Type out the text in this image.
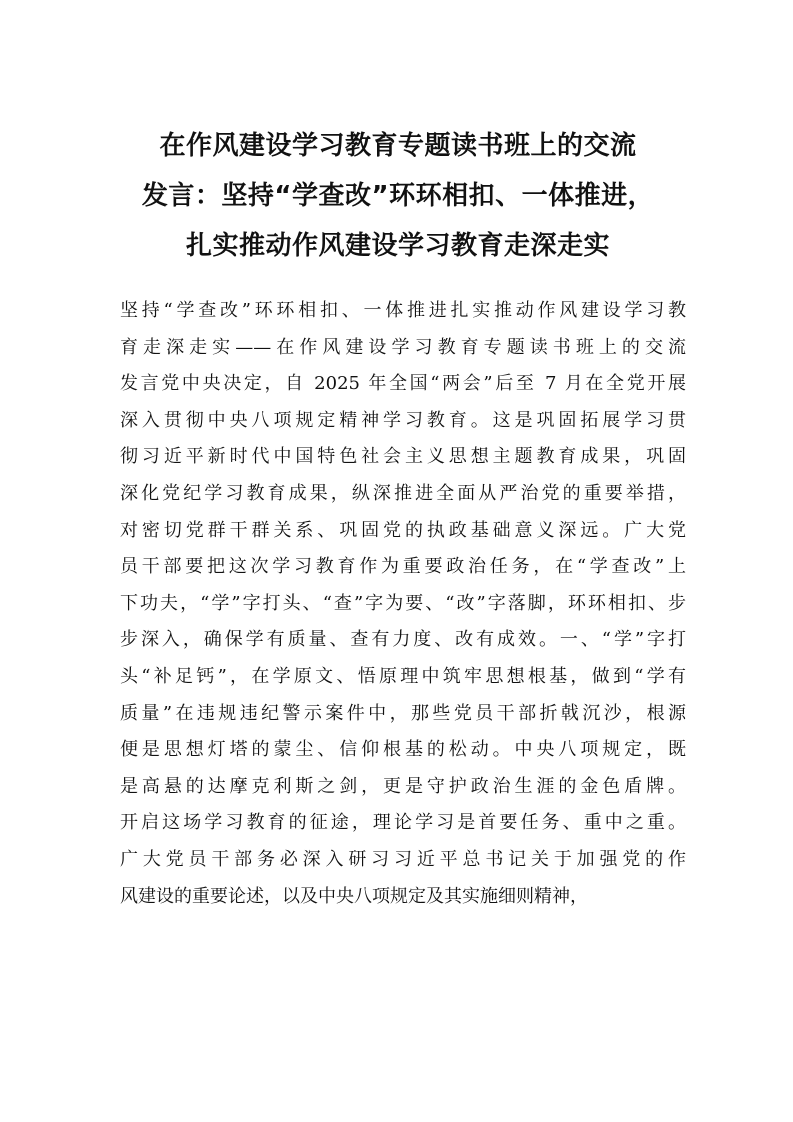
在作风建设学习教育专题读书班上的交流
发言：坚持“学查改”环环相扣、一体推进，
扎实推动作风建设学习教育走深走实
坚持“学查改”环环相扣、一体推进扎实推动作风建设学习教
育走深走实——在作风建设学习教育专题读书班上的交流
发言党中央决定，自 2025 年全国“两会”后至 7 月在全党开展
深入贯彻中央八项规定精神学习教育。这是巩固拓展学习贯
彻习近平新时代中国特色社会主义思想主题教育成果，巩固
深化党纪学习教育成果，纵深推进全面从严治党的重要举措，
对密切党群干群关系、巩固党的执政基础意义深远。广大党
员干部要把这次学习教育作为重要政治任务，在“学查改”上
下功夫，“学”字打头、“查”字为要、“改”字落脚，环环相扣、步
步深入，确保学有质量、查有力度、改有成效。一、“学”字打
头“补足钙”，在学原文、悟原理中筑牢思想根基，做到“学有
质量”在违规违纪警示案件中，那些党员干部折戟沉沙，根源
便是思想灯塔的蒙尘、信仰根基的松动。中央八项规定，既
是高悬的达摩克利斯之剑，更是守护政治生涯的金色盾牌。
开启这场学习教育的征途，理论学习是首要任务、重中之重。
广大党员干部务必深入研习习近平总书记关于加强党的作
风建设的重要论述，以及中央八项规定及其实施细则精神，
